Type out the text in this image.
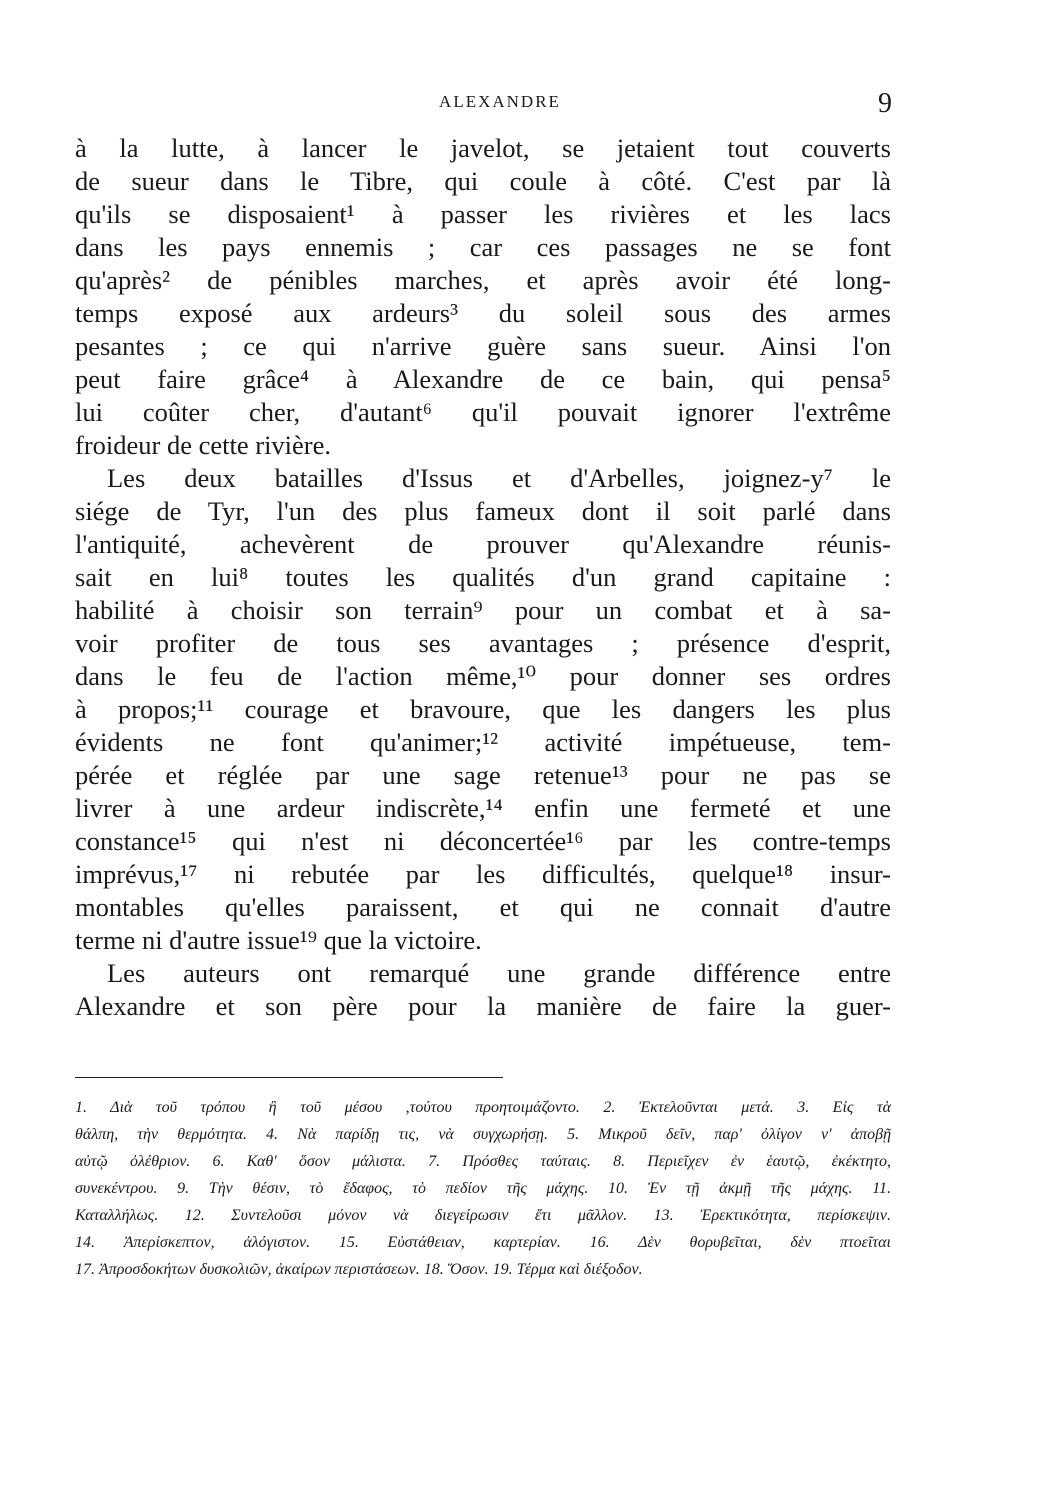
ALEXANDRE	9
à la lutte, à lancer le javelot, se jetaient tout couverts
de sueur dans le Tibre, qui coule à côté. C'est par là
qu'ils se disposaient¹ à passer les rivières et les lacs
dans les pays ennemis ; car ces passages ne se font
qu'après² de pénibles marches, et après avoir été long-
temps exposé aux ardeurs³ du soleil sous des armes
pesantes ; ce qui n'arrive guère sans sueur. Ainsi l'on
peut faire grâce⁴ à Alexandre de ce bain, qui pensa⁵
lui coûter cher, d'autant⁶ qu'il pouvait ignorer l'extrême
froideur de cette rivière.
Les deux batailles d'Issus et d'Arbelles, joignez-y⁷ le
siége de Tyr, l'un des plus fameux dont il soit parlé dans
l'antiquité, achevèrent de prouver qu'Alexandre réunis-
sait en lui⁸ toutes les qualités d'un grand capitaine :
habilité à choisir son terrain⁹ pour un combat et à sa-
voir profiter de tous ses avantages ; présence d'esprit,
dans le feu de l'action même,¹⁰ pour donner ses ordres
à propos;¹¹ courage et bravoure, que les dangers les plus
évidents ne font qu'animer;¹² activité impétueuse, tem-
pérée et réglée par une sage retenue¹³ pour ne pas se
livrer à une ardeur indiscrète,¹⁴ enfin une fermeté et une
constance¹⁵ qui n'est ni déconcertée¹⁶ par les contre-temps
imprévus,¹⁷ ni rebutée par les difficultés, quelque¹⁸ insur-
montables qu'elles paraissent, et qui ne connait d'autre
terme ni d'autre issue¹⁹ que la victoire.
Les auteurs ont remarqué une grande différence entre
Alexandre et son père pour la manière de faire la guer-
1. Διὰ τοῦ τρόπου ἢ τοῦ μέσου ,τούτου προητοιμάζοντο. 2. Ἐκτελοῦνται μετά. 3. Εἰς τὰ
θάλπη, τὴν θερμότητα. 4. Νὰ παρίδῃ τις, νὰ συγχωρήσῃ. 5. Μικροῦ δεῖν, παρ' ὀλίγον ν' ἀποβῇ
αὐτῷ ὀλέθριον. 6. Καθ' ὅσον μάλιστα. 7. Πρόσθες ταύταις. 8. Περιεῖχεν ἐν ἑαυτῷ, ἐκέκτητο,
συνεκέντρου. 9. Τὴν θέσιν, τὸ ἔδαφος, τὸ πεδίον τῆς μάχης. 10. Ἐν τῇ ἀκμῇ τῆς μάχης. 11.
Καταλλήλως. 12. Συντελοῦσι μόνον νὰ διεγείρωσιν ἔτι μᾶλλον. 13. Ἐρεκτικότητα, περίσκεψιν.
14. Ἀπερίσκεπτον, ἀλόγιστον. 15. Εὐστάθειαν, καρτερίαν. 16. Δὲν θορυβεῖται, δὲν πτοεῖται
17. Ἀπροσδοκήτων δυσκολιῶν, ἀκαίρων περιστάσεων. 18. Ὅσον. 19. Τέρμα καὶ διέξοδον.
